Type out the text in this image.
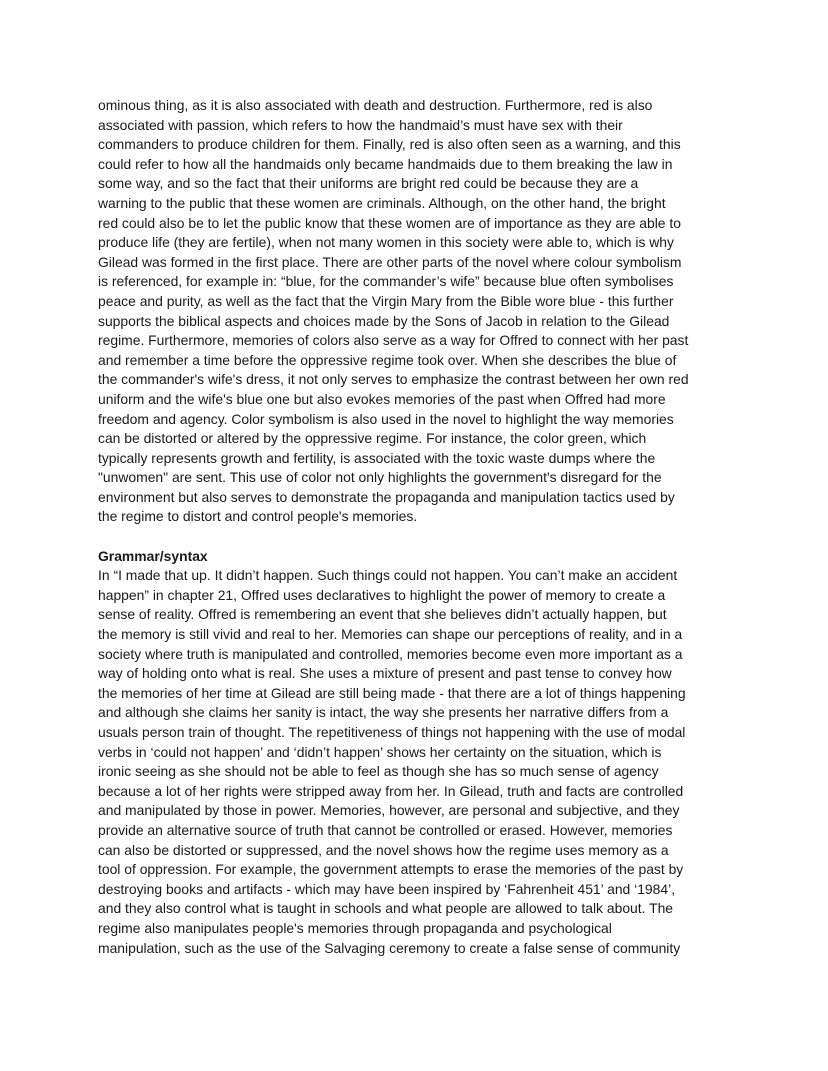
ominous thing, as it is also associated with death and destruction. Furthermore, red is also
associated with passion, which refers to how the handmaid’s must have sex with their
commanders to produce children for them. Finally, red is also often seen as a warning, and this
could refer to how all the handmaids only became handmaids due to them breaking the law in
some way, and so the fact that their uniforms are bright red could be because they are a
warning to the public that these women are criminals. Although, on the other hand, the bright
red could also be to let the public know that these women are of importance as they are able to
produce life (they are fertile), when not many women in this society were able to, which is why
Gilead was formed in the first place. There are other parts of the novel where colour symbolism
is referenced, for example in: “blue, for the commander’s wife” because blue often symbolises
peace and purity, as well as the fact that the Virgin Mary from the Bible wore blue - this further
supports the biblical aspects and choices made by the Sons of Jacob in relation to the Gilead
regime. Furthermore, memories of colors also serve as a way for Offred to connect with her past
and remember a time before the oppressive regime took over. When she describes the blue of
the commander's wife's dress, it not only serves to emphasize the contrast between her own red
uniform and the wife's blue one but also evokes memories of the past when Offred had more
freedom and agency. Color symbolism is also used in the novel to highlight the way memories
can be distorted or altered by the oppressive regime. For instance, the color green, which
typically represents growth and fertility, is associated with the toxic waste dumps where the
"unwomen" are sent. This use of color not only highlights the government's disregard for the
environment but also serves to demonstrate the propaganda and manipulation tactics used by
the regime to distort and control people's memories.

Grammar/syntax

In “I made that up. It didn’t happen. Such things could not happen. You can’t make an accident
happen” in chapter 21, Offred uses declaratives to highlight the power of memory to create a
sense of reality. Offred is remembering an event that she believes didn’t actually happen, but
the memory is still vivid and real to her. Memories can shape our perceptions of reality, and in a
society where truth is manipulated and controlled, memories become even more important as a
way of holding onto what is real. She uses a mixture of present and past tense to convey how
the memories of her time at Gilead are still being made - that there are a lot of things happening
and although she claims her sanity is intact, the way she presents her narrative differs from a
usuals person train of thought. The repetitiveness of things not happening with the use of modal
verbs in ‘could not happen’ and ‘didn’t happen’ shows her certainty on the situation, which is
ironic seeing as she should not be able to feel as though she has so much sense of agency
because a lot of her rights were stripped away from her. In Gilead, truth and facts are controlled
and manipulated by those in power. Memories, however, are personal and subjective, and they
provide an alternative source of truth that cannot be controlled or erased. However, memories
can also be distorted or suppressed, and the novel shows how the regime uses memory as a
tool of oppression. For example, the government attempts to erase the memories of the past by
destroying books and artifacts - which may have been inspired by ‘Fahrenheit 451’ and ‘1984’,
and they also control what is taught in schools and what people are allowed to talk about. The
regime also manipulates people's memories through propaganda and psychological
manipulation, such as the use of the Salvaging ceremony to create a false sense of community
